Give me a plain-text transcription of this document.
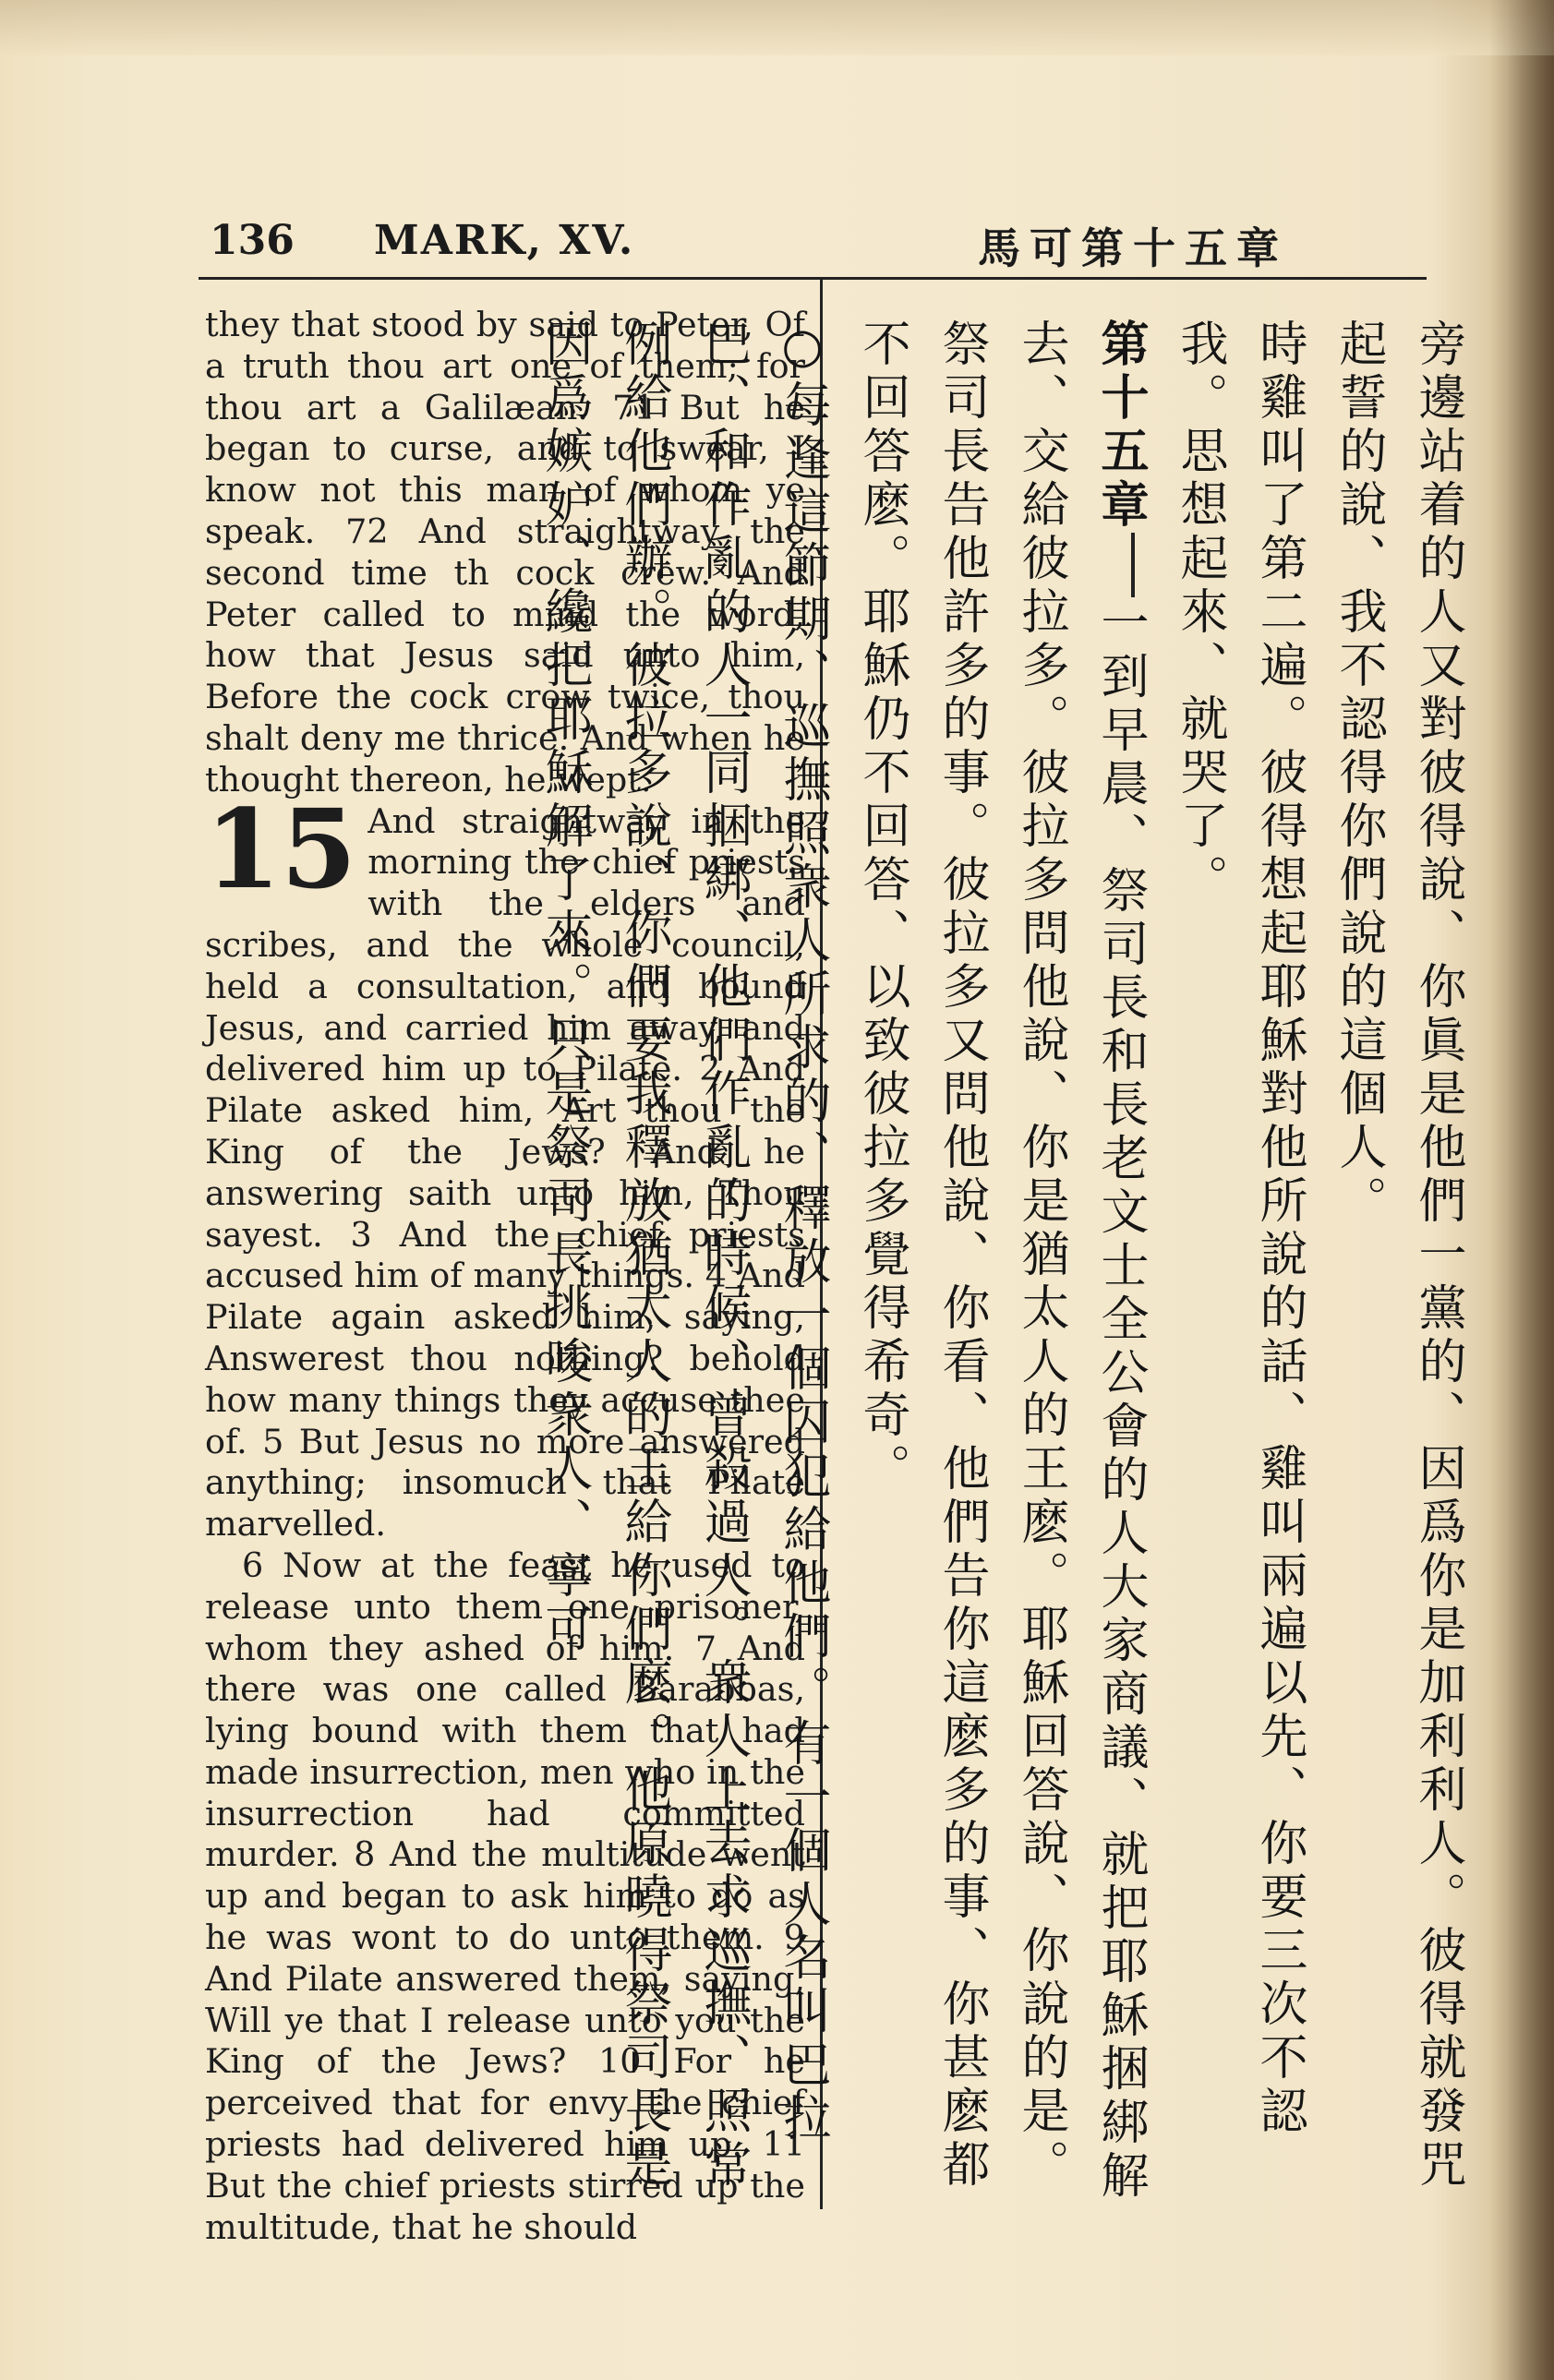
136 MARK, XV.	馬可第十五章

they that stood by said to Peter, Of a truth thou art one of them; for thou art a Galilæan. 71 But he began to curse, and to swear, I know not this man of whom ye speak. 72 And straightway the second time th cock crew. And Peter called to mind the word, how that Jesus said unto him, Before the cock crow twice, thou shalt deny me thrice. And when he thought thereon, he wept.

15 And straightway in the morning the chief priests with the elders and scribes, and the whole council, held a consultation, and bound Jesus, and carried him away, and delivered him up to Pilate. 2 And Pilate asked him, Art thou the King of the Jews? And he answering saith unto him, Thou sayest. 3 And the chief priests accused him of many things. 4 And Pilate again asked him, saying, Answerest thou nothing? behold how many things they accuse thee of. 5 But Jesus no more answered anything; insomuch that Pilate marvelled.

6 Now at the feast he used to release unto them one prisoner, whom they ashed of him. 7 And there was one called Barabbas, lying bound with them that had made insurrection, men who in the insurrection had committed murder. 8 And the multitude went up and began to ask him to do as he was wont to do unto them. 9 And Pilate answered them, saying, Will ye that I release unto you the King of the Jews? 10 For he perceived that for envy the chief priests had delivered him up. 11 But the chief priests stirred up the multitude, that he should

旁邊站着的人又對彼得說、你眞是他們一黨的、因爲你是加利利人。彼得就發咒起誓的說、我不認得你們說的這個人。

時雞叫了第二遍。彼得想起耶穌對他所說的話、雞叫兩遍以先、你要三次不認我。思想起來、就哭了。

第十五章一到早晨、祭司長和長老文士全公會的人大家商議、就把耶穌捆綁解去、交給彼拉多。彼拉多問他說、你是猶太人的王麽。耶穌回答說、你說的是。祭司長告他許多的事。彼拉多又問他說、你看、他們告你這麽多的事、你甚麽都不回答麽。耶穌仍不回答、以致彼拉多覺得希奇。

○每逢這節期、巡撫照衆人所求的、釋放一個囚犯給他們。有一個人名叫巴拉巴、和作亂的人一同捆綁、他們作亂的時候、曾殺過人。衆人上去求巡撫、照常例給他們辦。彼拉多說、你們要我釋放猶太人的王給你們麽。他原曉得祭司長是因爲嫉妒、纔把耶穌解了來。只是祭司長挑唆衆人、寧可
